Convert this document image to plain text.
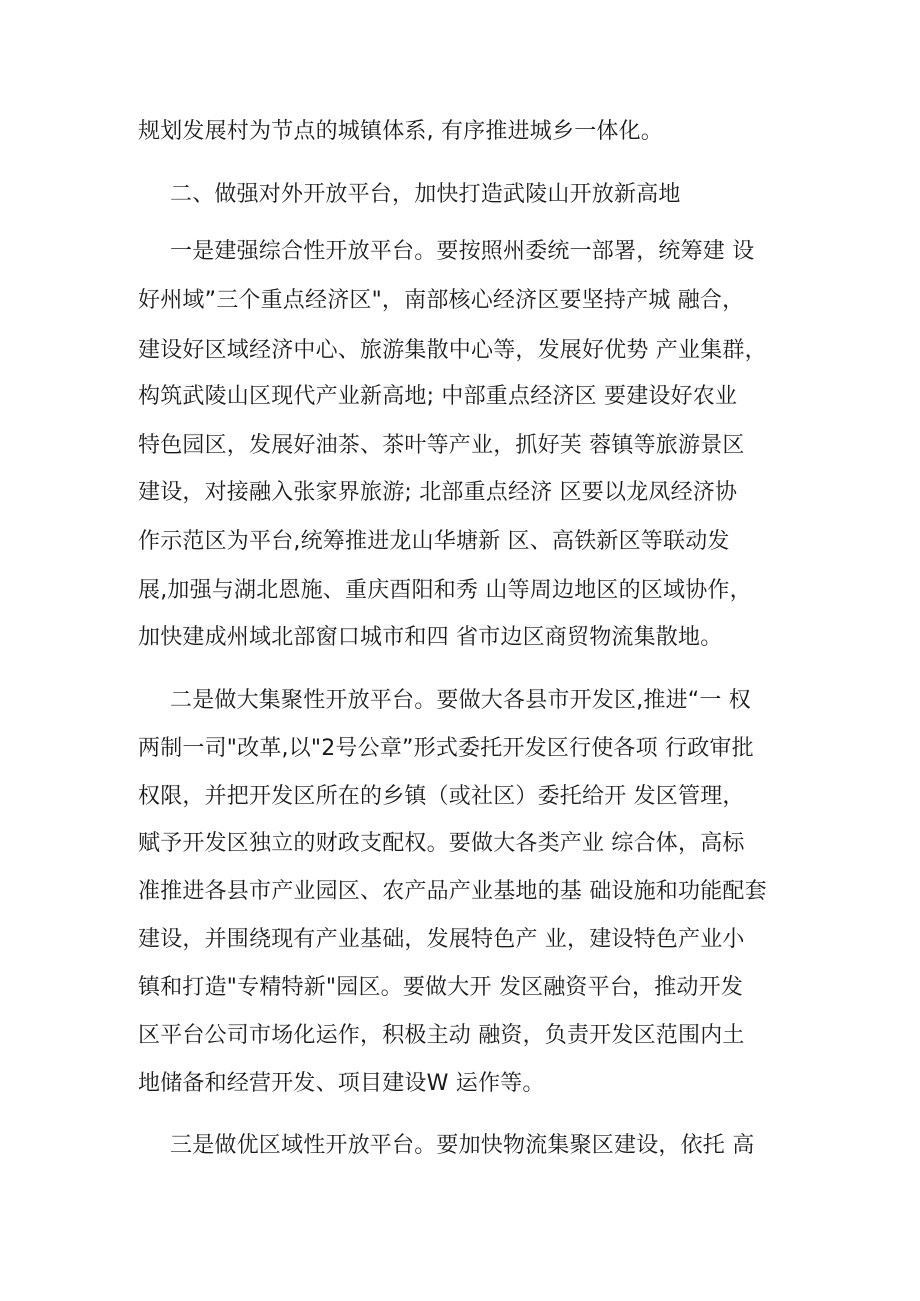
规划发展村为节点的城镇体系, 有序推进城乡一体化。
二、做强对外开放平台，加快打造武陵山开放新高地
一是建强综合性开放平台。要按照州委统一部署，统筹建 设
好州域”三个重点经济区"，南部核心经济区要坚持产城 融合，
建设好区域经济中心、旅游集散中心等，发展好优势 产业集群，
构筑武陵山区现代产业新高地; 中部重点经济区 要建设好农业
特色园区，发展好油茶、茶叶等产业，抓好芙 蓉镇等旅游景区
建设，对接融入张家界旅游; 北部重点经济 区要以龙凤经济协
作示范区为平台,统筹推进龙山华塘新 区、高铁新区等联动发
展,加强与湖北恩施、重庆酉阳和秀 山等周边地区的区域协作，
加快建成州域北部窗口城市和四 省市边区商贸物流集散地。
二是做大集聚性开放平台。要做大各县市开发区,推进“一 权
两制一司"改革,以"2号公章”形式委托开发区行使各项 行政审批
权限，并把开发区所在的乡镇（或社区）委托给开 发区管理，
赋予开发区独立的财政支配权。要做大各类产业 综合体，高标
准推进各县市产业园区、农产品产业基地的基 础设施和功能配套
建设，并围绕现有产业基础，发展特色产 业，建设特色产业小
镇和打造"专精特新"园区。要做大开 发区融资平台，推动开发
区平台公司市场化运作，积极主动 融资，负责开发区范围内土
地储备和经营开发、项目建设W 运作等。
三是做优区域性开放平台。要加快物流集聚区建设，依托 高
